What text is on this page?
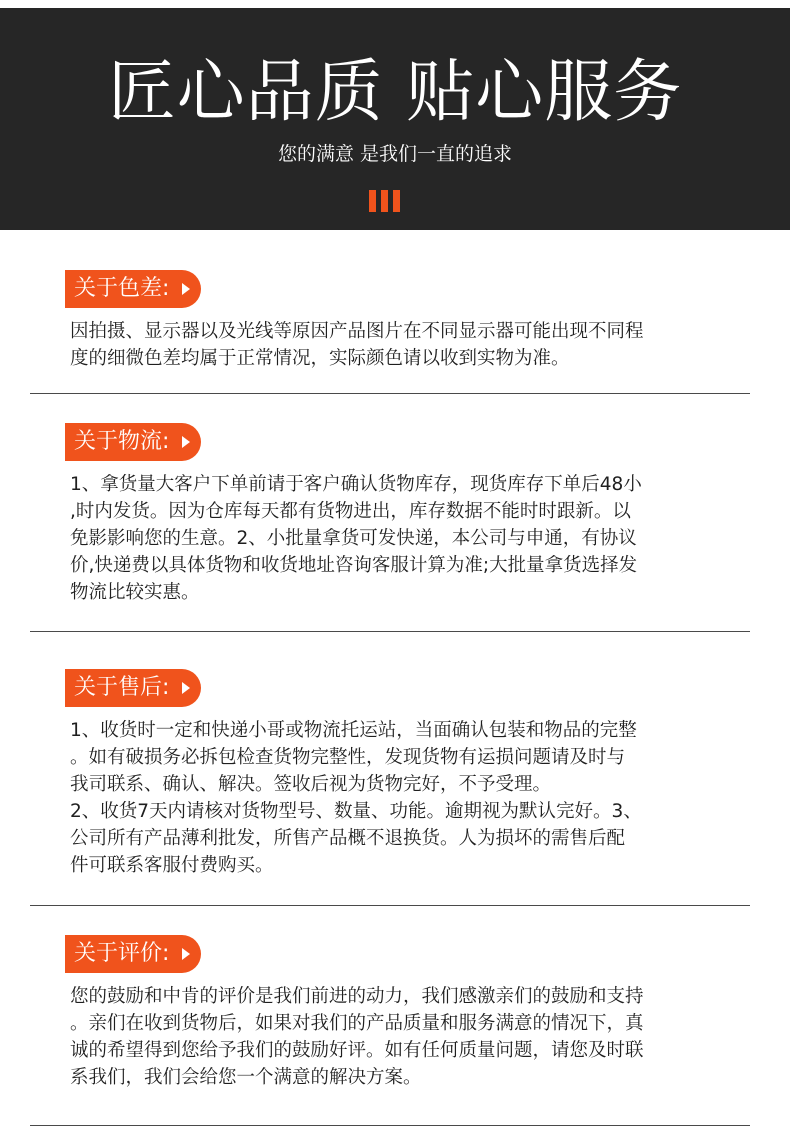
匠心品质 贴心服务
您的满意 是我们一直的追求
关于色差:
因拍摄、显示器以及光线等原因产品图片在不同显示器可能出现不同程
度的细微色差均属于正常情况，实际颜色请以收到实物为准。
关于物流:
1、拿货量大客户下单前请于客户确认货物库存，现货库存下单后48小
,时内发货。因为仓库每天都有货物进出，库存数据不能时时跟新。以
免影影响您的生意。2、小批量拿货可发快递，本公司与申通，有协议
价,快递费以具体货物和收货地址咨询客服计算为准;大批量拿货选择发
物流比较实惠。
关于售后:
1、收货时一定和快递小哥或物流托运站，当面确认包装和物品的完整
。如有破损务必拆包检查货物完整性，发现货物有运损问题请及时与
我司联系、确认、解决。签收后视为货物完好，不予受理。
2、收货7天内请核对货物型号、数量、功能。逾期视为默认完好。3、
公司所有产品薄利批发，所售产品概不退换货。人为损坏的需售后配
件可联系客服付费购买。
关于评价:
您的鼓励和中肯的评价是我们前进的动力，我们感激亲们的鼓励和支持
。亲们在收到货物后，如果对我们的产品质量和服务满意的情况下，真
诚的希望得到您给予我们的鼓励好评。如有任何质量问题，请您及时联
系我们，我们会给您一个满意的解决方案。
